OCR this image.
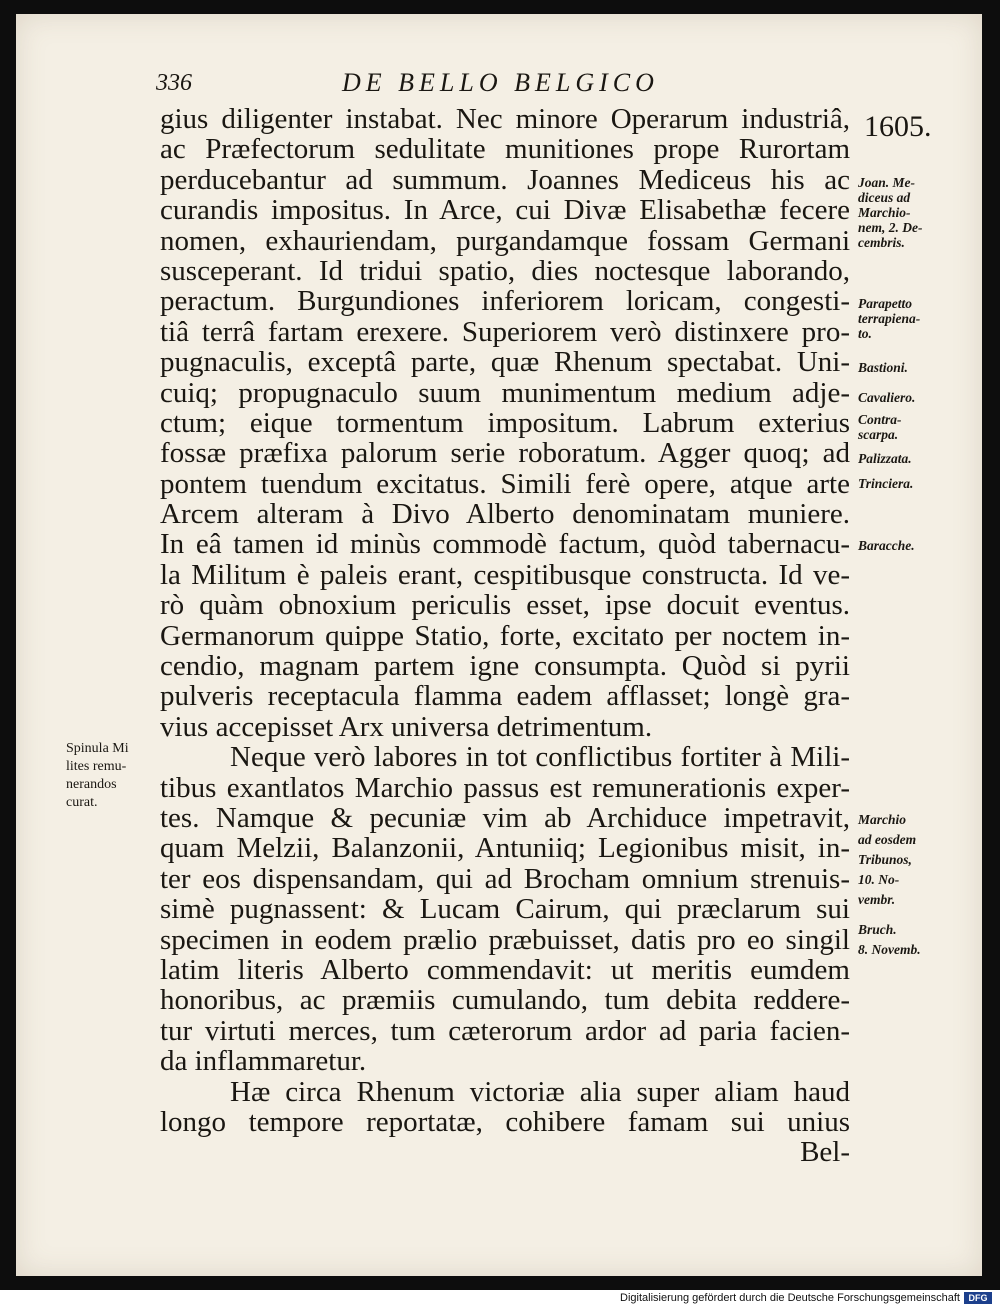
336	DE BELLO BELGICO
1605.
gius diligenter instabat. Nec minore Operarum industriâ,
ac Præfectorum sedulitate munitiones prope Rurortam
perducebantur ad summum. Joannes Mediceus his ac
curandis impositus. In Arce, cui Divæ Elisabethæ fecere
nomen, exhauriendam, purgandamque fossam Germani
susceperant. Id tridui spatio, dies noctesque laborando,
peractum. Burgundiones inferiorem loricam, congesti-
tiâ terrâ fartam erexere. Superiorem verò distinxere pro-
pugnaculis, exceptâ parte, quæ Rhenum spectabat. Uni-
cuiq; propugnaculo suum munimentum medium adje-
ctum; eique tormentum impositum. Labrum exterius
fossæ præfixa palorum serie roboratum. Agger quoq; ad
pontem tuendum excitatus. Simili ferè opere, atque arte
Arcem alteram à Divo Alberto denominatam muniere.
In eâ tamen id minùs commodè factum, quòd tabernacu-
la Militum è paleis erant, cespitibusque constructa. Id ve-
rò quàm obnoxium periculis esset, ipse docuit eventus.
Germanorum quippe Statio, forte, excitato per noctem in-
cendio, magnam partem igne consumpta. Quòd si pyrii
pulveris receptacula flamma eadem afflasset; longè gra-
vius accepisset Arx universa detrimentum.
Neque verò labores in tot conflictibus fortiter à Mili-
tibus exantlatos Marchio passus est remunerationis exper-
tes. Namque & pecuniæ vim ab Archiduce impetravit,
quam Melzii, Balanzonii, Antuniiq; Legionibus misit, in-
ter eos dispensandam, qui ad Brocham omnium strenuis-
simè pugnassent: & Lucam Cairum, qui præclarum sui
specimen in eodem prælio præbuisset, datis pro eo singil
latim literis Alberto commendavit: ut meritis eumdem
honoribus, ac præmiis cumulando, tum debita reddere-
tur virtuti merces, tum cæterorum ardor ad paria facien-
da inflammaretur.
Hæ circa Rhenum victoriæ alia super aliam haud
longo tempore reportatæ, cohibere famam sui unius
Bel-
Joan. Me-
diceus ad
Marchio-
nem, 2. De-
cembris.
Parapetto
terrapiena-
to.
Bastioni.
Cavaliero.
Contra-
scarpa.
Palizzata.
Trinciera.
Baracche.
Marchio
ad eosdem
Tribunos,
10. No-
vembr.
Bruch.
8. Novemb.
Spinula Mi
lites remu-
nerandos
curat.
Digitalisierung gefördert durch die Deutsche Forschungsgemeinschaft DFG
